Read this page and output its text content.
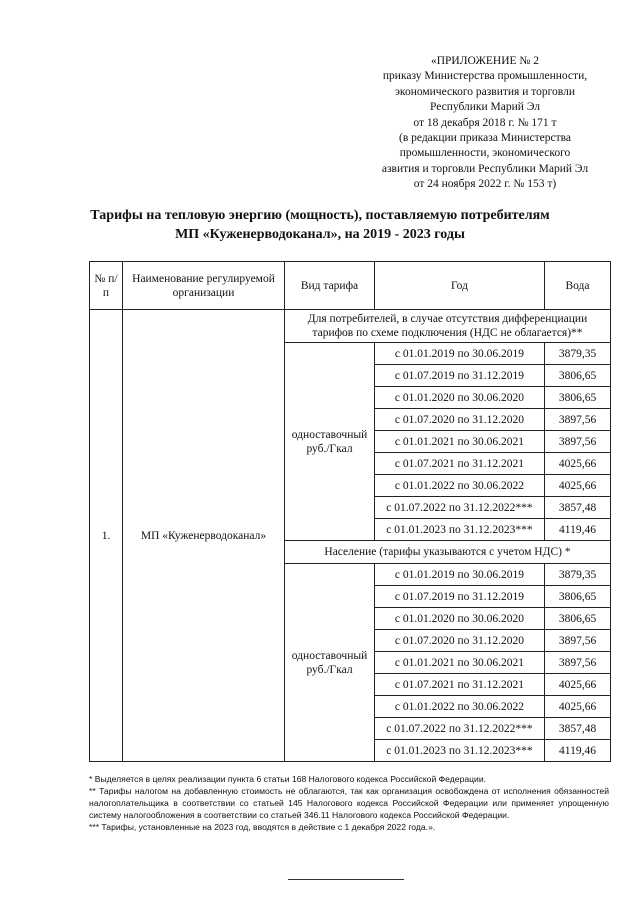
«ПРИЛОЖЕНИЕ № 2
приказу Министерства промышленности,
экономического развития и торговли
Республики Марий Эл
от 18 декабря 2018 г. № 171 т
(в редакции приказа Министерства
промышленности, экономического
азвития и торговли Республики Марий Эл
от 24 ноября 2022 г. № 153 т)
Тарифы на тепловую энергию (мощность), поставляемую потребителям
МП «Куженерводоканал», на 2019 - 2023 годы
№ п/п	Наименование регулируемой организации	Вид тарифа	Год	Вода
1.	МП «Куженерводоканал»	Для потребителей, в случае отсутствия дифференциации тарифов по схеме подключения (НДС не облагается)**		
		одноставочный руб./Гкал	с 01.01.2019 по 30.06.2019	3879,35
			с 01.07.2019 по 31.12.2019	3806,65
			с 01.01.2020 по 30.06.2020	3806,65
			с 01.07.2020 по 31.12.2020	3897,56
			с 01.01.2021 по 30.06.2021	3897,56
			с 01.07.2021 по 31.12.2021	4025,66
			с 01.01.2022 по 30.06.2022	4025,66
			с 01.07.2022 по 31.12.2022***	3857,48
			с 01.01.2023 по 31.12.2023***	4119,46
		Население (тарифы указываются с учетом НДС) *		
		одноставочный руб./Гкал	с 01.01.2019 по 30.06.2019	3879,35
			с 01.07.2019 по 31.12.2019	3806,65
			с 01.01.2020 по 30.06.2020	3806,65
			с 01.07.2020 по 31.12.2020	3897,56
			с 01.01.2021 по 30.06.2021	3897,56
			с 01.07.2021 по 31.12.2021	4025,66
			с 01.01.2022 по 30.06.2022	4025,66
			с 01.07.2022 по 31.12.2022***	3857,48
			с 01.01.2023 по 31.12.2023***	4119,46

* Выделяется в целях реализации пункта 6 статьи 168 Налогового кодекса Российской Федерации.

** Тарифы налогом на добавленную стоимость не облагаются, так как организация освобождена от исполнения обязанностей налогоплательщика в соответствии со статьей 145 Налогового кодекса Российской Федерации или применяет упрощенную систему налогообложения в соответствии со статьей 346.11 Налогового кодекса Российской Федерации.

*** Тарифы, установленные на 2023 год, вводятся в действие с 1 декабря 2022 года.».
